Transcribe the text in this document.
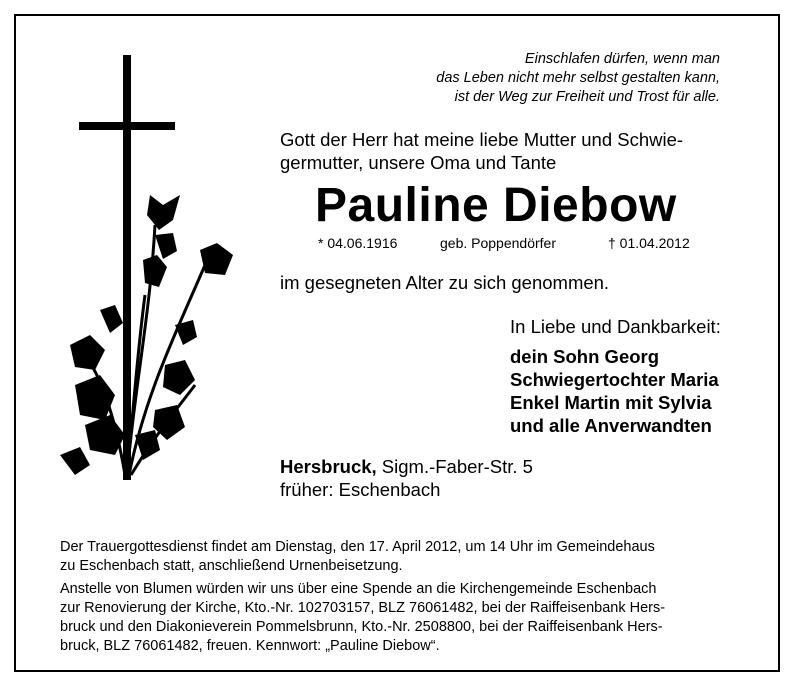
Einschlafen dürfen, wenn man
das Leben nicht mehr selbst gestalten kann,
ist der Weg zur Freiheit und Trost für alle.
Gott der Herr hat meine liebe Mutter und Schwie-
germutter, unsere Oma und Tante
Pauline Diebow
* 04.06.1916	geb. Poppendörfer	† 01.04.2012
im gesegneten Alter zu sich genommen.
In Liebe und Dankbarkeit:
dein Sohn Georg
Schwiegertochter Maria
Enkel Martin mit Sylvia
und alle Anverwandten
Hersbruck, Sigm.-Faber-Str. 5
früher: Eschenbach

Der Trauergottesdienst findet am Dienstag, den 17. April 2012, um 14 Uhr im Gemeindehaus
zu Eschenbach statt, anschließend Urnenbeisetzung.

Anstelle von Blumen würden wir uns über eine Spende an die Kirchengemeinde Eschenbach
zur Renovierung der Kirche, Kto.-Nr. 102703157, BLZ 76061482, bei der Raiffeisenbank Hers-
bruck und den Diakonieverein Pommelsbrunn, Kto.-Nr. 2508800, bei der Raiffeisenbank Hers-
bruck, BLZ 76061482, freuen. Kennwort: „Pauline Diebow“.
